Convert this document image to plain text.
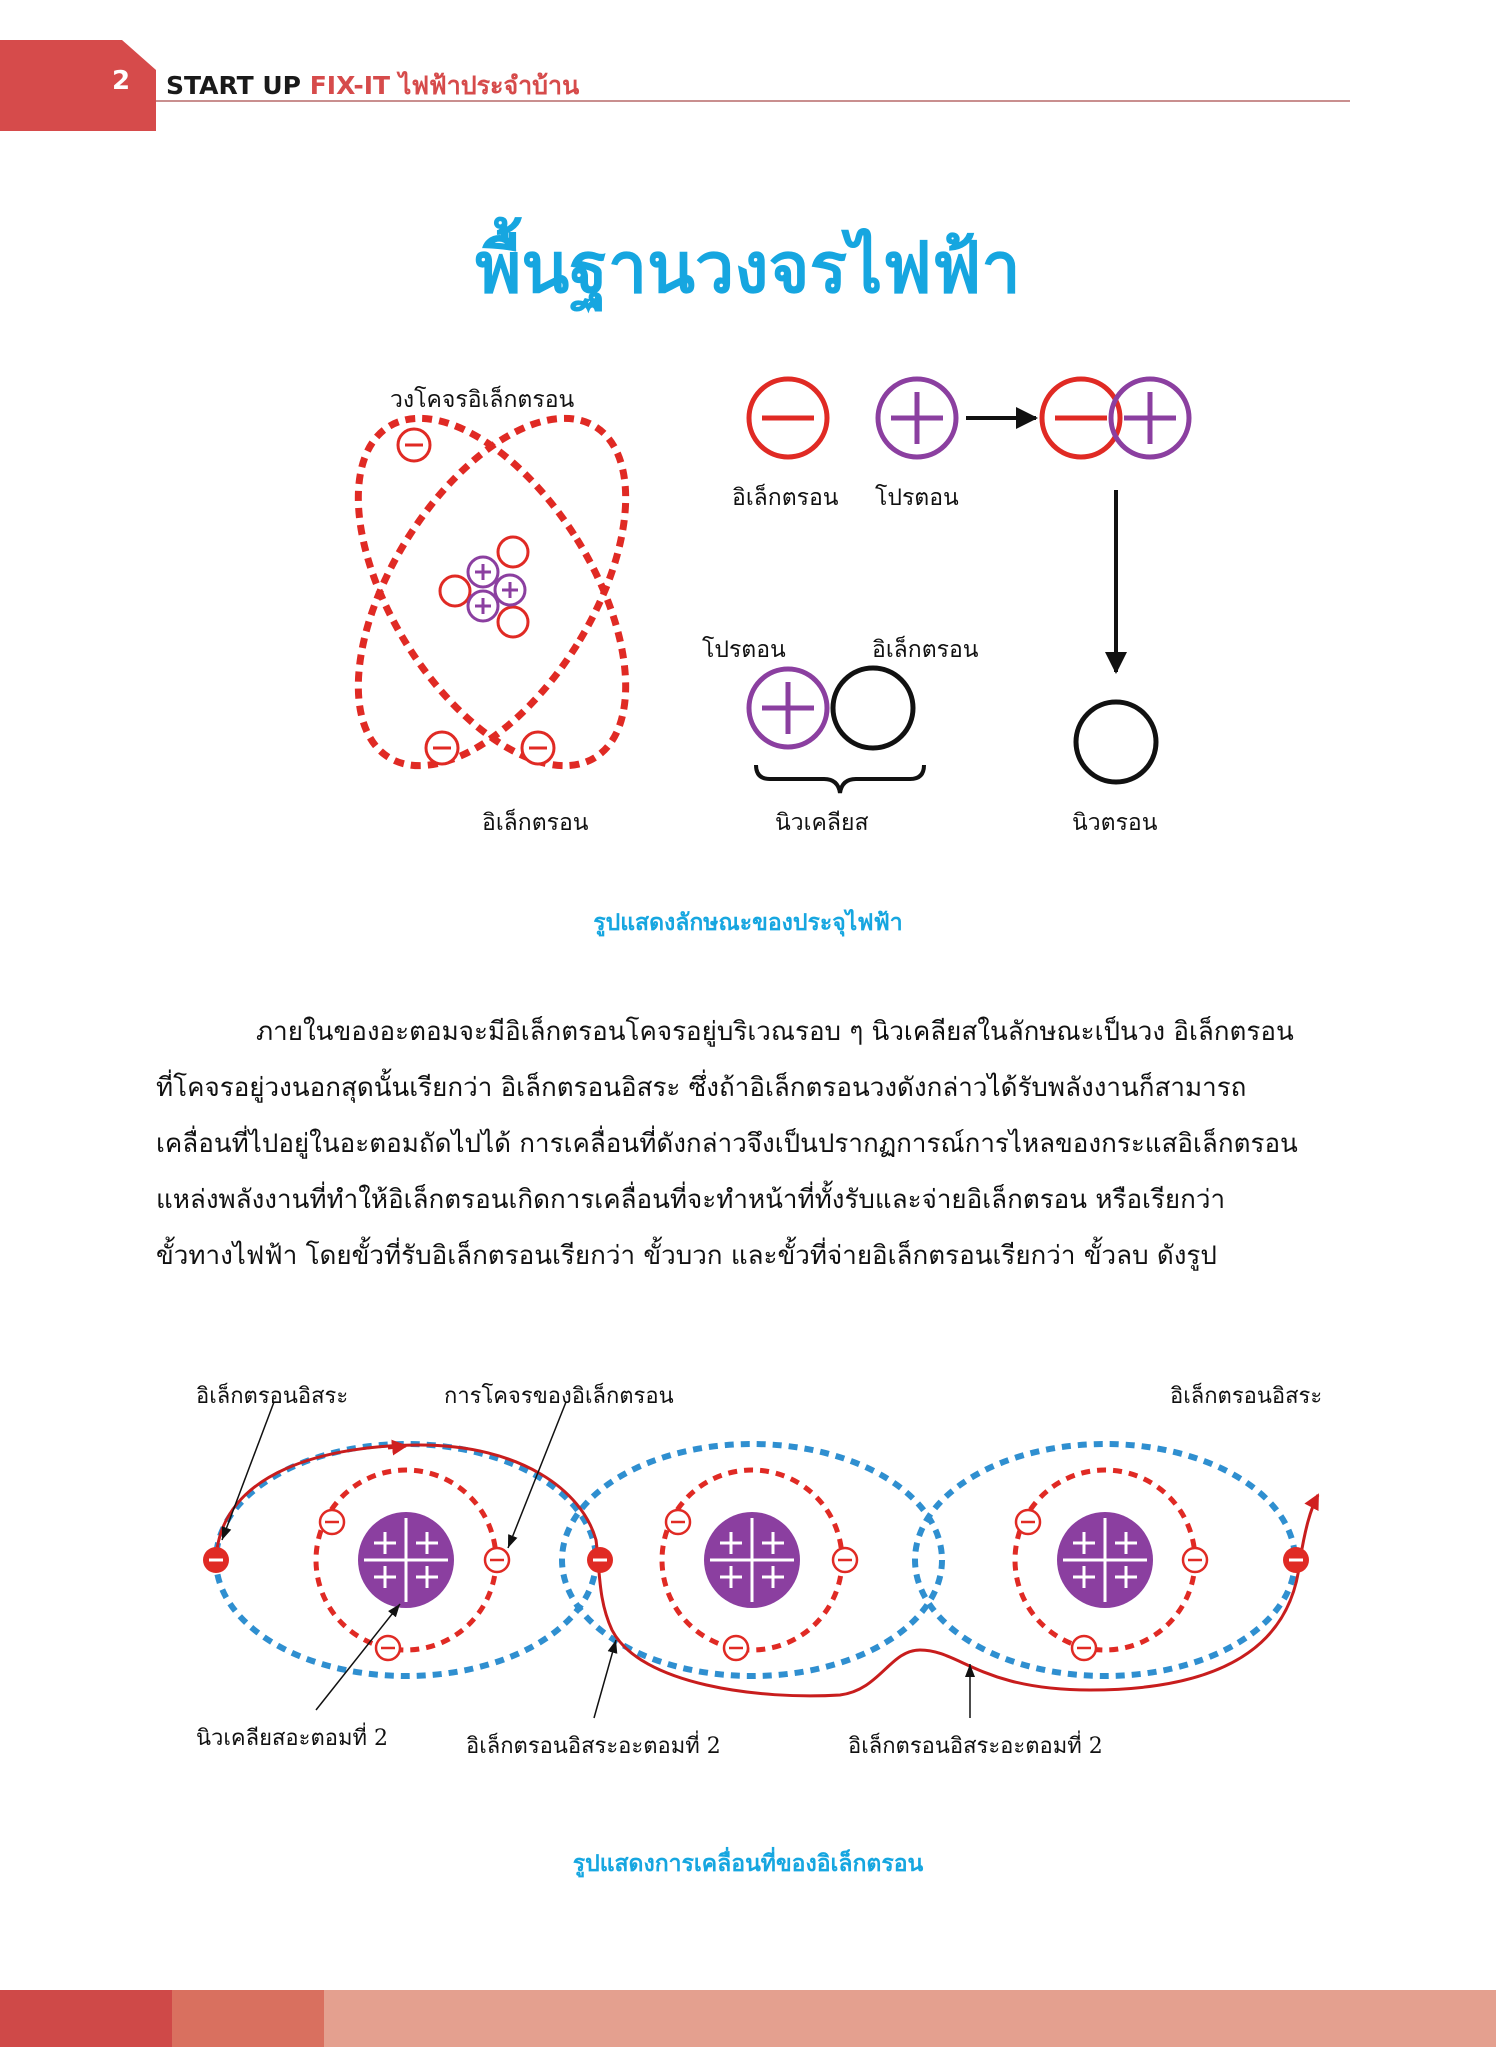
2 START UP FIX-IT ไฟฟ้าประจำบ้าน
พื้นฐานวงจรไฟฟ้า
วงโคจรอิเล็กตรอน
อิเล็กตรอน
อิเล็กตรอน โปรตอน
โปรตอน	อิเล็กตรอน
นิวเคลียส	นิวตรอน
รูปแสดงลักษณะของประจุไฟฟ้า
ภายในของอะตอมจะมีอิเล็กตรอนโคจรอยู่บริเวณรอบ ๆ นิวเคลียสในลักษณะเป็นวง อิเล็กตรอน
ที่โคจรอยู่วงนอกสุดนั้นเรียกว่า อิเล็กตรอนอิสระ ซึ่งถ้าอิเล็กตรอนวงดังกล่าวได้รับพลังงานก็สามารถ
เคลื่อนที่ไปอยู่ในอะตอมถัดไปได้ การเคลื่อนที่ดังกล่าวจึงเป็นปรากฏการณ์การไหลของกระแสอิเล็กตรอน
แหล่งพลังงานที่ทำให้อิเล็กตรอนเกิดการเคลื่อนที่จะทำหน้าที่ทั้งรับและจ่ายอิเล็กตรอน หรือเรียกว่า
ขั้วทางไฟฟ้า โดยขั้วที่รับอิเล็กตรอนเรียกว่า ขั้วบวก และขั้วที่จ่ายอิเล็กตรอนเรียกว่า ขั้วลบ ดังรูป
อิเล็กตรอนอิสระ	การโคจรของอิเล็กตรอน	อิเล็กตรอนอิสระ
นิวเคลียสอะตอมที่ 2	อิเล็กตรอนอิสระอะตอมที่ 2	อิเล็กตรอนอิสระอะตอมที่ 2
รูปแสดงการเคลื่อนที่ของอิเล็กตรอน
